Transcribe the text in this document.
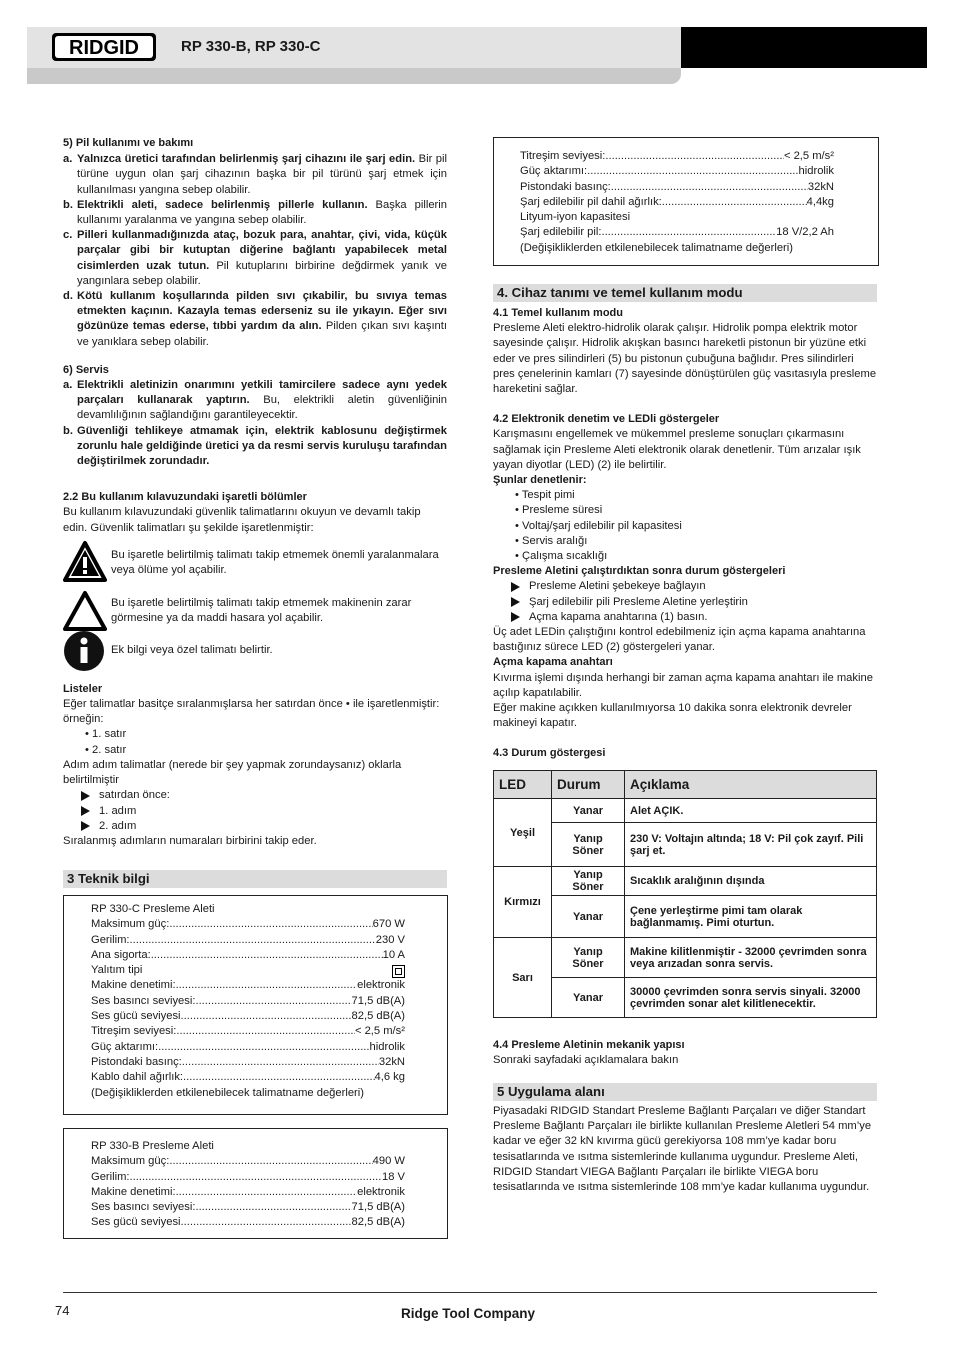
RIDGID	RP 330-B, RP 330-C
5) Pil kullanımı ve bakımı
a. Yalnızca üretici tarafından belirlenmiş şarj cihazını ile şarj edin. Bir pil türüne uygun olan şarj cihazının başka bir pil türünü şarj etmek için kullanılması yangına sebep olabilir.
b. Elektrikli aleti, sadece belirlenmiş pillerle kullanın. Başka pillerin kullanımı yaralanma ve yangına sebep olabilir.
c. Pilleri kullanmadığınızda ataç, bozuk para, anahtar, çivi, vida, küçük parçalar gibi bir kutuptan diğerine bağlantı yapabilecek metal cisimlerden uzak tutun. Pil kutuplarını birbirine değdirmek yanık ve yangınlara sebep olabilir.
d. Kötü kullanım koşullarında pilden sıvı çıkabilir, bu sıvıya temas etmekten kaçının. Kazayla temas ederseniz su ile yıkayın. Eğer sıvı gözünüze temas ederse, tıbbi yardım da alın. Pilden çıkan sıvı kaşıntı ve yanıklara sebep olabilir.
6) Servis
a. Elektrikli aletinizin onarımını yetkili tamircilere sadece aynı yedek parçaları kullanarak yaptırın. Bu, elektrikli aletin güvenliğinin devamlılığının sağlandığını garantileyecektir.
b. Güvenliği tehlikeye atmamak için, elektrik kablosunu değiştirmek zorunlu hale geldiğinde üretici ya da resmi servis kuruluşu tarafından değiştirilmek zorundadır.
2.2 Bu kullanım kılavuzundaki işaretli bölümler
Bu kullanım kılavuzundaki güvenlik talimatlarını okuyun ve devamlı takip edin. Güvenlik talimatları şu şekilde işaretlenmiştir:
Bu işaretle belirtilmiş talimatı takip etmemek önemli yaralanmalara veya ölüme yol açabilir.
Bu işaretle belirtilmiş talimatı takip etmemek makinenin zarar görmesine ya da maddi hasara yol açabilir.
Ek bilgi veya özel talimatı belirtir.
Listeler
Eğer talimatlar basitçe sıralanmışlarsa her satırdan önce • ile işaretlenmiştir: örneğin:
• 1. satır
• 2. satır
Adım adım talimatlar (nerede bir şey yapmak zorundaysanız) oklarla belirtilmiştir
satırdan önce:
1. adım
2. adım
Sıralanmış adımların numaraları birbirini takip eder.
3 Teknik bilgi
RP 330-C Presleme Aleti
Maksimum güç: .....	670 W
Gerilim: .....	230 V
Ana sigorta: .....	10 A
Yalıtım tipi
Makine denetimi: .....	elektronik
Ses basıncı seviyesi: .....	71,5 dB(A)
Ses gücü seviyesi .....	82,5 dB(A)
Titreşim seviyesi: .....	< 2,5 m/s²
Güç aktarımı: .....	hidrolik
Pistondaki basınç: .....	32kN
Kablo dahil ağırlık: .....	4,6 kg
(Değişikliklerden etkilenebilecek talimatname değerleri)
RP 330-B Presleme Aleti
Maksimum güç: .....	490 W
Gerilim: .....	18 V
Makine denetimi: .....	elektronik
Ses basıncı seviyesi: .....	71,5 dB(A)
Ses gücü seviyesi .....	82,5 dB(A)
Titreşim seviyesi: .....	< 2,5 m/s²
Güç aktarımı: .....	hidrolik
Pistondaki basınç: .....	32kN
Şarj edilebilir pil dahil ağırlık: .....	4,4kg
Lityum-iyon kapasitesi
Şarj edilebilir pil: .....	18 V/2,2 Ah
(Değişikliklerden etkilenebilecek talimatname değerleri)
4. Cihaz tanımı ve temel kullanım modu
4.1 Temel kullanım modu
Presleme Aleti elektro-hidrolik olarak çalışır. Hidrolik pompa elektrik motor sayesinde çalışır. Hidrolik akışkan basıncı hareketli pistonun bir yüzüne etki eder ve pres silindirleri (5) bu pistonun çubuğuna bağlıdır. Pres silindirleri pres çenelerinin kamları (7) sayesinde dönüştürülen güç vasıtasıyla presleme hareketini sağlar.
4.2 Elektronik denetim ve LEDli göstergeler
Karışmasını engellemek ve mükemmel presleme sonuçları çıkarmasını sağlamak için Presleme Aleti elektronik olarak denetlenir. Tüm arızalar ışık yayan diyotlar (LED) (2) ile belirtilir.
Şunlar denetlenir:
• Tespit pimi
• Presleme süresi
• Voltaj/şarj edilebilir pil kapasitesi
• Servis aralığı
• Çalışma sıcaklığı
Presleme Aletini çalıştırdıktan sonra durum göstergeleri
Presleme Aletini şebekeye bağlayın
Şarj edilebilir pili Presleme Aletine yerleştirin
Açma kapama anahtarına (1) basın.
Üç adet LEDin çalıştığını kontrol edebilmeniz için açma kapama anahtarına bastığınız sürece LED (2) göstergeleri yanar.
Açma kapama anahtarı
Kıvırma işlemi dışında herhangi bir zaman açma kapama anahtarı ile makine açılıp kapatılabilir.
Eğer makine açıkken kullanılmıyorsa 10 dakika sonra elektronik devreler makineyi kapatır.
4.3 Durum göstergesi
LED	Durum	Açıklama
Yeşil	Yanar	Alet AÇIK.
	Yanıp Söner	230 V: Voltajın altında; 18 V: Pil çok zayıf. Pili şarj et.
Kırmızı	Yanıp Söner	Sıcaklık aralığının dışında
	Yanar	Çene yerleştirme pimi tam olarak bağlanmamış. Pimi oturtun.
Sarı	Yanıp Söner	Makine kilitlenmiştir - 32000 çevrimden sonra veya arızadan sonra servis.
	Yanar	30000 çevrimden sonra servis sinyali. 32000 çevrimden sonar alet kilitlenecektir.
4.4 Presleme Aletinin mekanik yapısı
Sonraki sayfadaki açıklamalara bakın
5 Uygulama alanı
Piyasadaki RIDGID Standart Presleme Bağlantı Parçaları ve diğer Standart Presleme Bağlantı Parçaları ile birlikte kullanılan Presleme Aletleri 54 mm’ye kadar ve eğer 32 kN kıvırma gücü gerekiyorsa 108 mm’ye kadar boru tesisatlarında ve ısıtma sistemlerinde kullanıma uygundur. Presleme Aleti, RIDGID Standart VIEGA Bağlantı Parçaları ile birlikte VIEGA boru tesisatlarında ve ısıtma sistemlerinde 108 mm’ye kadar kullanıma uygundur.
74	Ridge Tool Company
